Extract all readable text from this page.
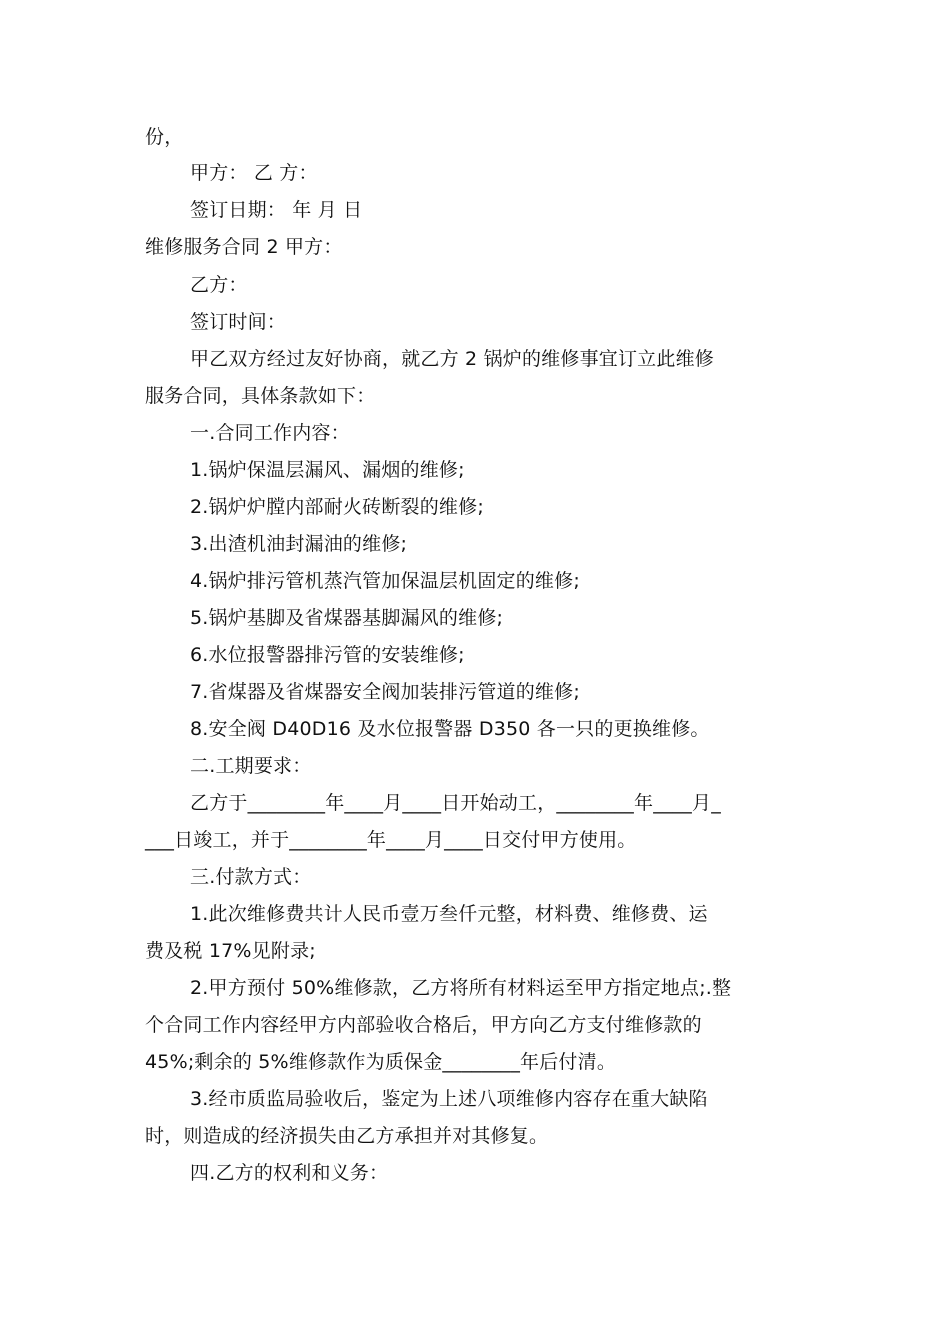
份，
甲方： 乙 方：
签订日期： 年 月 日
维修服务合同 2 甲方：
乙方：
签订时间：
甲乙双方经过友好协商，就乙方 2 锅炉的维修事宜订立此维修
服务合同，具体条款如下：
一.合同工作内容：
1.锅炉保温层漏风、漏烟的维修;
2.锅炉炉膛内部耐火砖断裂的维修;
3.出渣机油封漏油的维修;
4.锅炉排污管机蒸汽管加保温层机固定的维修;
5.锅炉基脚及省煤器基脚漏风的维修;
6.水位报警器排污管的安装维修;
7.省煤器及省煤器安全阀加装排污管道的维修;
8.安全阀 D40D16 及水位报警器 D350 各一只的更换维修。
二.工期要求：
乙方于________年____月____日开始动工，________年____月_
___日竣工，并于________年____月____日交付甲方使用。
三.付款方式：
1.此次维修费共计人民币壹万叁仟元整，材料费、维修费、运
费及税 17%见附录;
2.甲方预付 50%维修款，乙方将所有材料运至甲方指定地点;.整
个合同工作内容经甲方内部验收合格后，甲方向乙方支付维修款的
45%;剩余的 5%维修款作为质保金________年后付清。
3.经市质监局验收后，鉴定为上述八项维修内容存在重大缺陷
时，则造成的经济损失由乙方承担并对其修复。
四.乙方的权利和义务：
